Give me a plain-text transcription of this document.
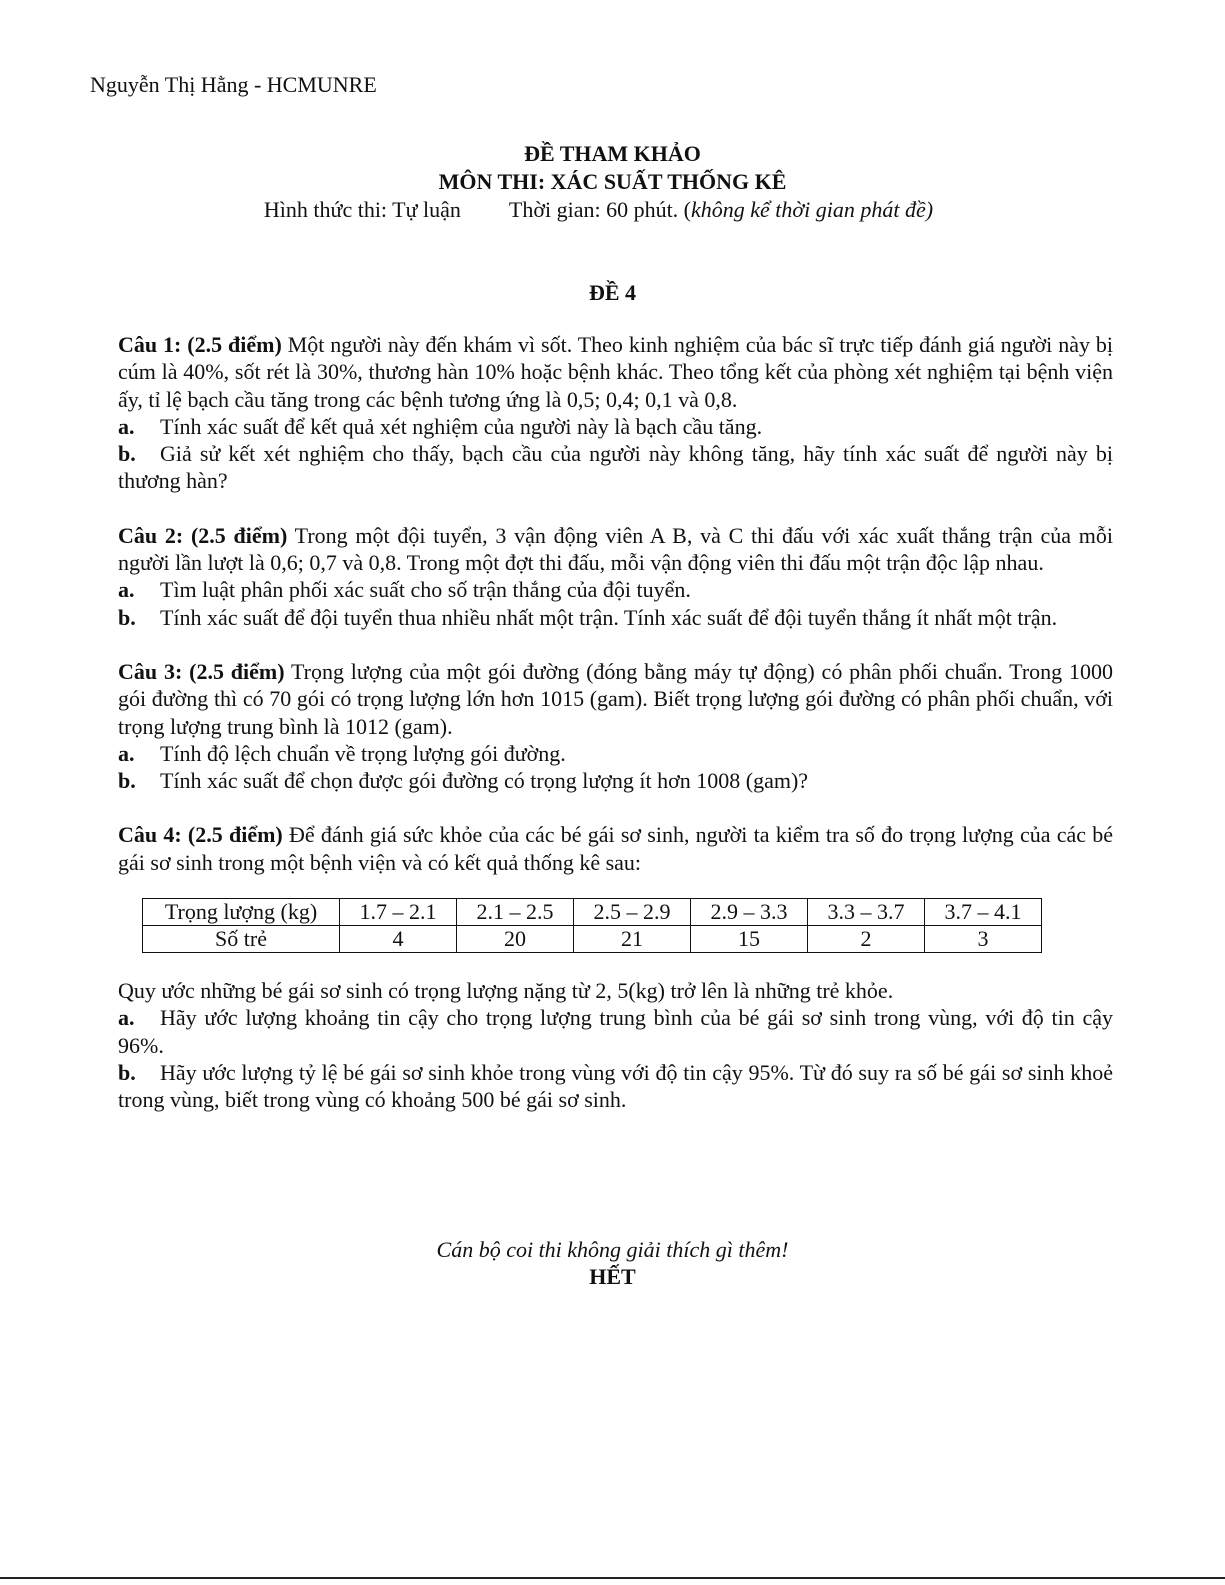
Nguyễn Thị Hằng - HCMUNRE
ĐỀ THAM KHẢO
MÔN THI: XÁC SUẤT THỐNG KÊ
Hình thức thi: Tự luận Thời gian: 60 phút. (không kể thời gian phát đề)
ĐỀ 4

Câu 1: (2.5 điểm) Một người này đến khám vì sốt. Theo kinh nghiệm của bác sĩ trực tiếp đánh giá người này bị cúm là 40%, sốt rét là 30%, thương hàn 10% hoặc bệnh khác. Theo tổng kết của phòng xét nghiệm tại bệnh viện ấy, tỉ lệ bạch cầu tăng trong các bệnh tương ứng là 0,5; 0,4; 0,1 và 0,8.

a. Tính xác suất để kết quả xét nghiệm của người này là bạch cầu tăng.

b. Giả sử kết xét nghiệm cho thấy, bạch cầu của người này không tăng, hãy tính xác suất để người này bị thương hàn?

Câu 2: (2.5 điểm) Trong một đội tuyển, 3 vận động viên A B, và C thi đấu với xác xuất thắng trận của mỗi người lần lượt là 0,6; 0,7 và 0,8. Trong một đợt thi đấu, mỗi vận động viên thi đấu một trận độc lập nhau.

a. Tìm luật phân phối xác suất cho số trận thắng của đội tuyển.

b. Tính xác suất để đội tuyển thua nhiều nhất một trận. Tính xác suất để đội tuyển thắng ít nhất một trận.

Câu 3: (2.5 điểm) Trọng lượng của một gói đường (đóng bằng máy tự động) có phân phối chuẩn. Trong 1000 gói đường thì có 70 gói có trọng lượng lớn hơn 1015 (gam). Biết trọng lượng gói đường có phân phối chuẩn, với trọng lượng trung bình là 1012 (gam).

a. Tính độ lệch chuẩn về trọng lượng gói đường.

b. Tính xác suất để chọn được gói đường có trọng lượng ít hơn 1008 (gam)?

Câu 4: (2.5 điểm) Để đánh giá sức khỏe của các bé gái sơ sinh, người ta kiểm tra số đo trọng lượng của các bé gái sơ sinh trong một bệnh viện và có kết quả thống kê sau:

Trọng lượng (kg)	1.7 – 2.1	2.1 – 2.5	2.5 – 2.9	2.9 – 3.3	3.3 – 3.7	3.7 – 4.1
Số trẻ	4	20	21	15	2	3

Quy ước những bé gái sơ sinh có trọng lượng nặng từ 2, 5(kg) trở lên là những trẻ khỏe.

a. Hãy ước lượng khoảng tin cậy cho trọng lượng trung bình của bé gái sơ sinh trong vùng, với độ tin cậy 96%.

b. Hãy ước lượng tỷ lệ bé gái sơ sinh khỏe trong vùng với độ tin cậy 95%. Từ đó suy ra số bé gái sơ sinh khoẻ trong vùng, biết trong vùng có khoảng 500 bé gái sơ sinh.

Cán bộ coi thi không giải thích gì thêm!
HẾT
